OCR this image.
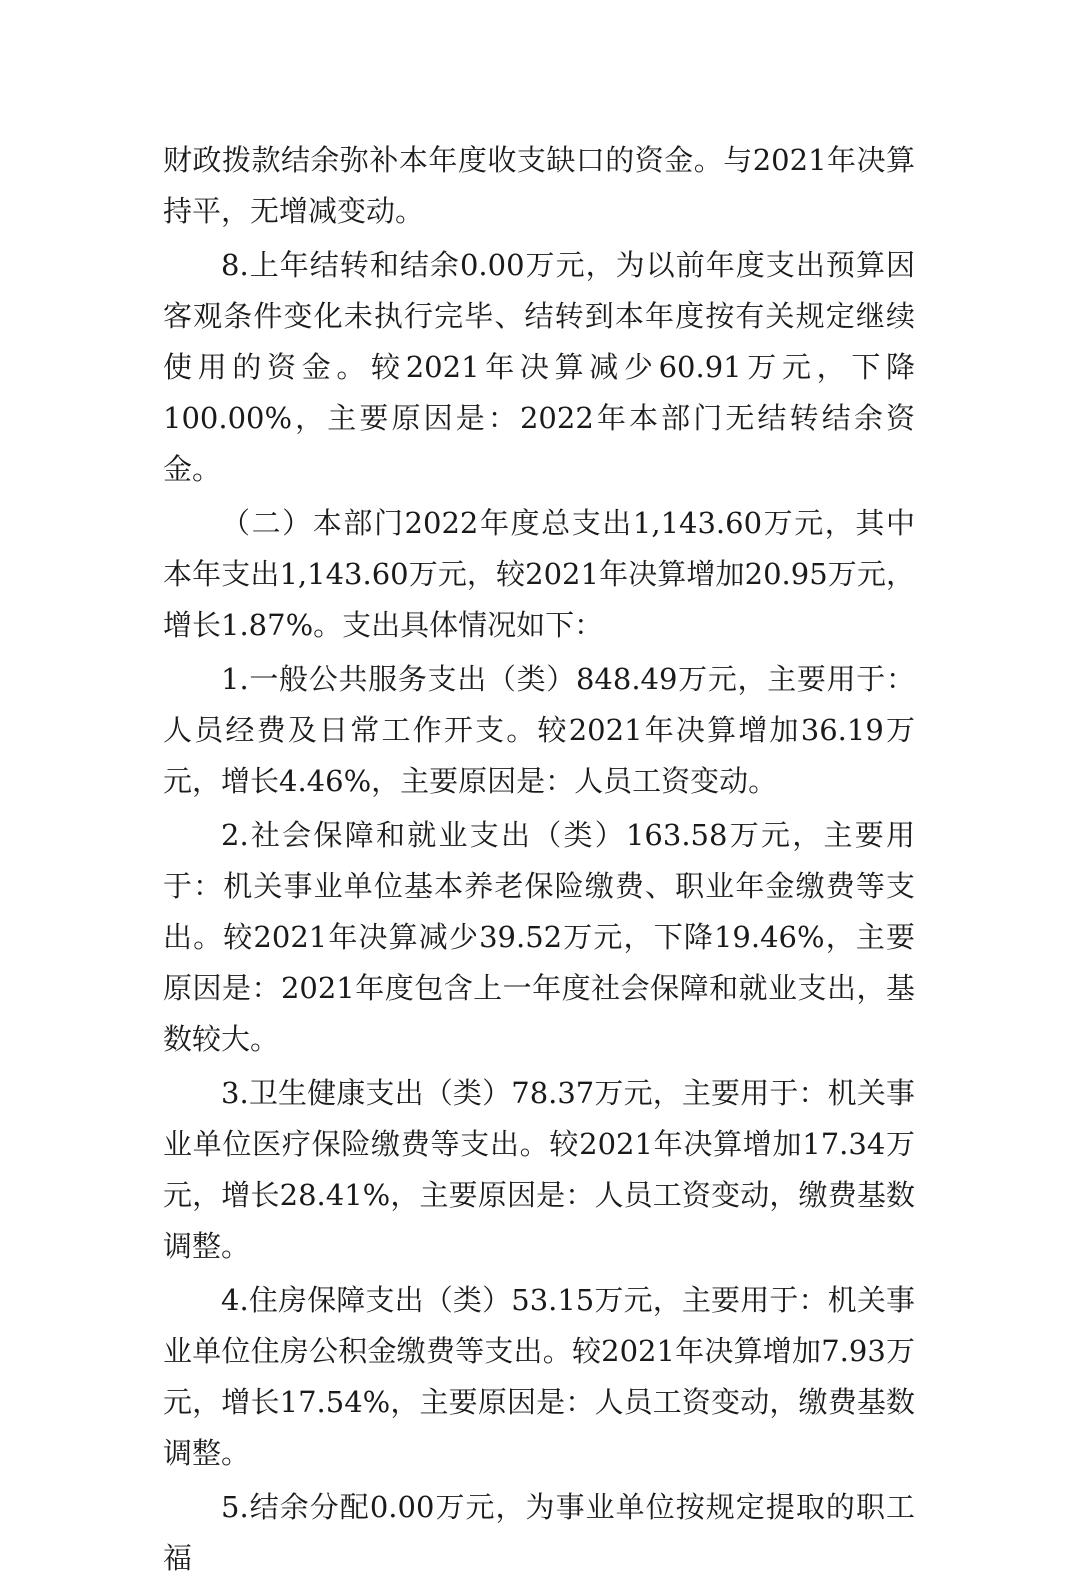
财政拨款结余弥补本年度收支缺口的资金。与2021年决算持平，无增减变动。

8.上年结转和结余0.00万元，为以前年度支出预算因客观条件变化未执行完毕、结转到本年度按有关规定继续使用的资金。较2021年决算减少60.91万元，下降100.00%，主要原因是：2022年本部门无结转结余资金。

（二）本部门2022年度总支出1,143.60万元，其中本年支出1,143.60万元，较2021年决算增加20.95万元，增长1.87%。支出具体情况如下：

1.一般公共服务支出（类）848.49万元，主要用于：人员经费及日常工作开支。较2021年决算增加36.19万元，增长4.46%，主要原因是：人员工资变动。

2.社会保障和就业支出（类）163.58万元，主要用于：机关事业单位基本养老保险缴费、职业年金缴费等支出。较2021年决算减少39.52万元，下降19.46%，主要原因是：2021年度包含上一年度社会保障和就业支出，基数较大。

3.卫生健康支出（类）78.37万元，主要用于：机关事业单位医疗保险缴费等支出。较2021年决算增加17.34万元，增长28.41%，主要原因是：人员工资变动，缴费基数调整。

4.住房保障支出（类）53.15万元，主要用于：机关事业单位住房公积金缴费等支出。较2021年决算增加7.93万元，增长17.54%，主要原因是：人员工资变动，缴费基数调整。

5.结余分配0.00万元，为事业单位按规定提取的职工福
